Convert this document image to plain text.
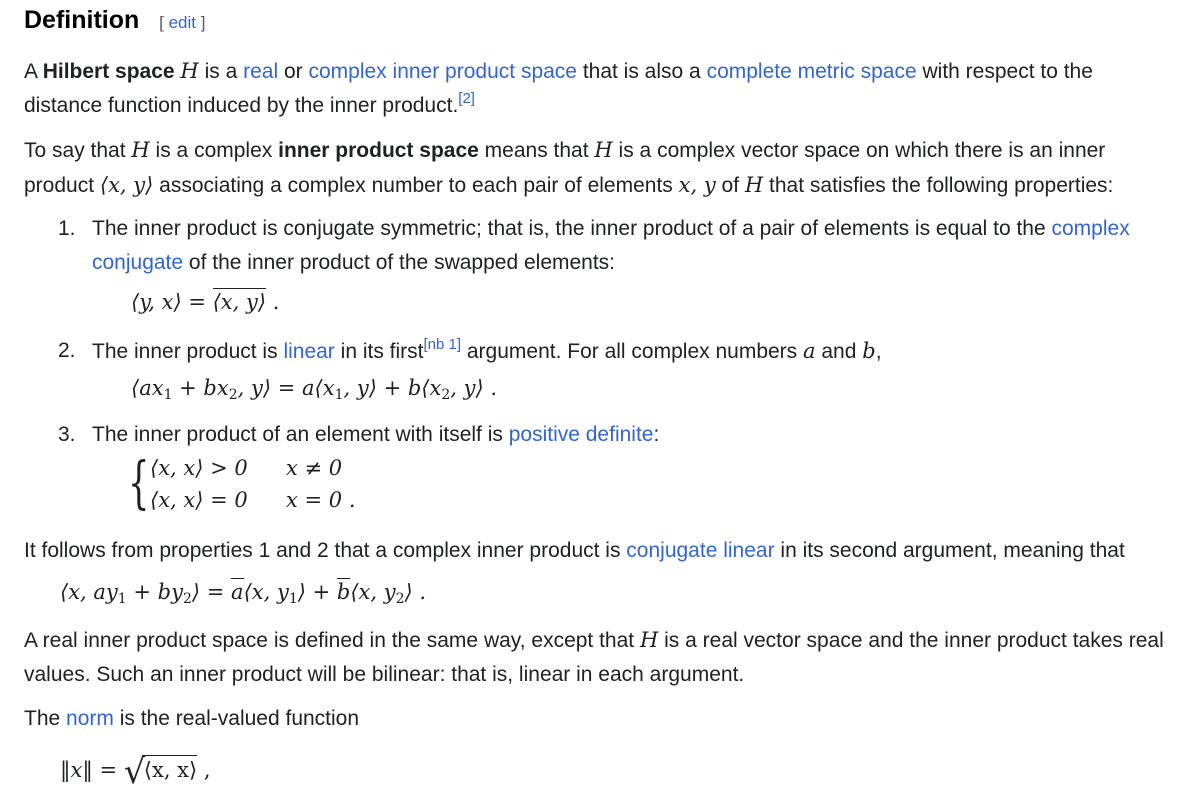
Definition [ edit ]

A Hilbert space H is a real or complex inner product space that is also a complete metric space with respect to the distance function induced by the inner product.[2]

To say that H is a complex inner product space means that H is a complex vector space on which there is an inner product ⟨x, y⟩ associating a complex number to each pair of elements x, y of H that satisfies the following properties:

1. The inner product is conjugate symmetric; that is, the inner product of a pair of elements is equal to the complex conjugate of the inner product of the swapped elements:
⟨y, x⟩ = ⟨x, y⟩ .
2. The inner product is linear in its first[nb 1] argument. For all complex numbers a and b,
$⟨ax_1 + bx_2$, y⟩ = $a⟨x_1$, y⟩ + $b⟨x_2$, y⟩ .
3. The inner product of an element with itself is positive definite:
{ ⟨x, x⟩ > 0 x ≠ 0
⟨x, x⟩ = 0 x = 0 .

It follows from properties 1 and 2 that a complex inner product is conjugate linear in its second argument, meaning that

⟨x, $ay_1$ + $by_2⟩$ = a⟨x, $y_1⟩$ + b⟨x, $y_2⟩$ .

A real inner product space is defined in the same way, except that H is a real vector space and the inner product takes real values. Such an inner product will be bilinear: that is, linear in each argument.

The norm is the real-valued function

‖x‖ = √
⟨x, x⟩ ,
